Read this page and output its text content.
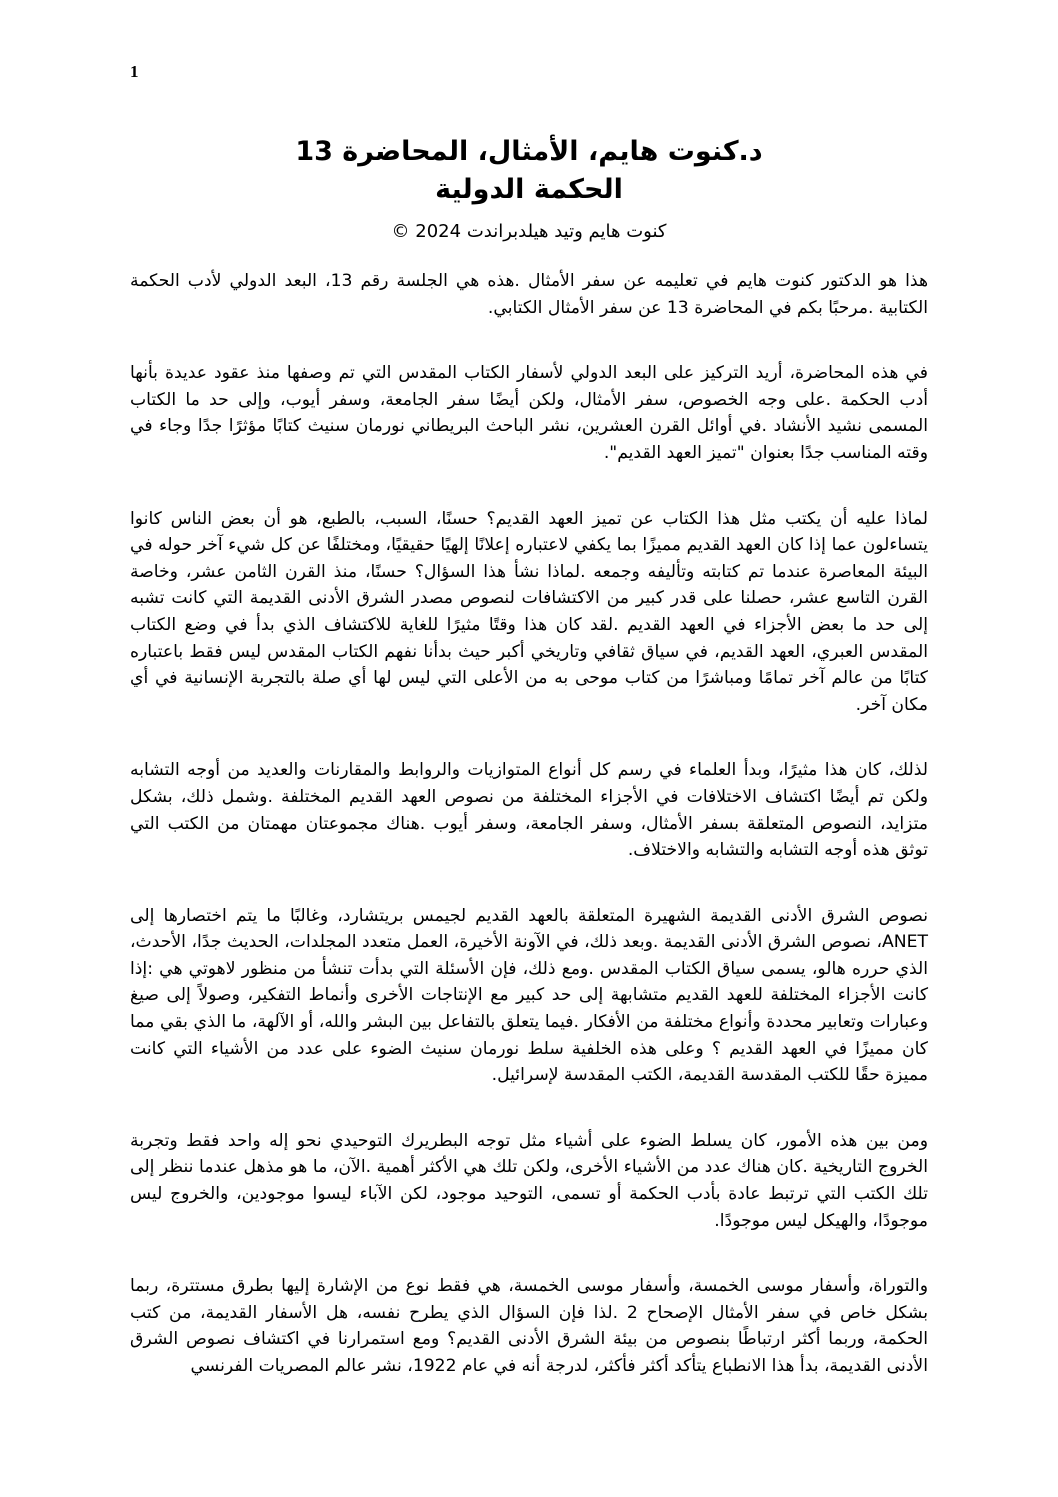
1

د.كنوت هايم، الأمثال، المحاضرة 13

الحكمة الدولية

كنوت هايم وتيد هيلدبراندت 2024 ©

هذا هو الدكتور كنوت هايم في تعليمه عن سفر الأمثال .هذه هي الجلسة رقم 13، البعد الدولي لأدب الحكمة الكتابية .مرحبًا بكم في المحاضرة 13 عن سفر الأمثال الكتابي.

في هذه المحاضرة، أريد التركيز على البعد الدولي لأسفار الكتاب المقدس التي تم وصفها منذ عقود عديدة بأنها أدب الحكمة .على وجه الخصوص، سفر الأمثال، ولكن أيضًا سفر الجامعة، وسفر أيوب، وإلى حد ما الكتاب المسمى نشيد الأنشاد .في أوائل القرن العشرين، نشر الباحث البريطاني نورمان سنيث كتابًا مؤثرًا جدًا وجاء في وقته المناسب جدًا بعنوان "تميز العهد القديم".

لماذا عليه أن يكتب مثل هذا الكتاب عن تميز العهد القديم؟ حسنًا، السبب، بالطبع، هو أن بعض الناس كانوا يتساءلون عما إذا كان العهد القديم مميزًا بما يكفي لاعتباره إعلانًا إلهيًا حقيقيًا، ومختلفًا عن كل شيء آخر حوله في البيئة المعاصرة عندما تم كتابته وتأليفه وجمعه .لماذا نشأ هذا السؤال؟ حسنًا، منذ القرن الثامن عشر، وخاصة القرن التاسع عشر، حصلنا على قدر كبير من الاكتشافات لنصوص مصدر الشرق الأدنى القديمة التي كانت تشبه إلى حد ما بعض الأجزاء في العهد القديم .لقد كان هذا وقتًا مثيرًا للغاية للاكتشاف الذي بدأ في وضع الكتاب المقدس العبري، العهد القديم، في سياق ثقافي وتاريخي أكبر حيث بدأنا نفهم الكتاب المقدس ليس فقط باعتباره كتابًا من عالم آخر تمامًا ومباشرًا من كتاب موحى به من الأعلى التي ليس لها أي صلة بالتجربة الإنسانية في أي مكان آخر.

لذلك، كان هذا مثيرًا، وبدأ العلماء في رسم كل أنواع المتوازيات والروابط والمقارنات والعديد من أوجه التشابه ولكن تم أيضًا اكتشاف الاختلافات في الأجزاء المختلفة من نصوص العهد القديم المختلفة .وشمل ذلك، بشكل متزايد، النصوص المتعلقة بسفر الأمثال، وسفر الجامعة، وسفر أيوب .هناك مجموعتان مهمتان من الكتب التي توثق هذه أوجه التشابه والتشابه والاختلاف.

نصوص الشرق الأدنى القديمة الشهيرة المتعلقة بالعهد القديم لجيمس بريتشارد، وغالبًا ما يتم اختصارها إلى ANET، نصوص الشرق الأدنى القديمة .وبعد ذلك، في الآونة الأخيرة، العمل متعدد المجلدات، الحديث جدًا، الأحدث، الذي حرره هالو، يسمى سياق الكتاب المقدس .ومع ذلك، فإن الأسئلة التي بدأت تنشأ من منظور لاهوتي هي :إذا كانت الأجزاء المختلفة للعهد القديم متشابهة إلى حد كبير مع الإنتاجات الأخرى وأنماط التفكير، وصولاً إلى صيغ وعبارات وتعابير محددة وأنواع مختلفة من الأفكار .فيما يتعلق بالتفاعل بين البشر والله، أو الآلهة، ما الذي بقي مما كان مميزًا في العهد القديم ؟ وعلى هذه الخلفية سلط نورمان سنيث الضوء على عدد من الأشياء التي كانت مميزة حقًا للكتب المقدسة القديمة، الكتب المقدسة لإسرائيل.

ومن بين هذه الأمور، كان يسلط الضوء على أشياء مثل توجه البطريرك التوحيدي نحو إله واحد فقط وتجربة الخروج التاريخية .كان هناك عدد من الأشياء الأخرى، ولكن تلك هي الأكثر أهمية .الآن، ما هو مذهل عندما ننظر إلى تلك الكتب التي ترتبط عادة بأدب الحكمة أو تسمى، التوحيد موجود، لكن الآباء ليسوا موجودين، والخروج ليس موجودًا، والهيكل ليس موجودًا.

والتوراة، وأسفار موسى الخمسة، وأسفار موسى الخمسة، هي فقط نوع من الإشارة إليها بطرق مستترة، ربما بشكل خاص في سفر الأمثال الإصحاح 2 .لذا فإن السؤال الذي يطرح نفسه، هل الأسفار القديمة، من كتب الحكمة، وربما أكثر ارتباطًا بنصوص من بيئة الشرق الأدنى القديم؟ ومع استمرارنا في اكتشاف نصوص الشرق الأدنى القديمة، بدأ هذا الانطباع يتأكد أكثر فأكثر، لدرجة أنه في عام 1922، نشر عالم المصريات الفرنسي
